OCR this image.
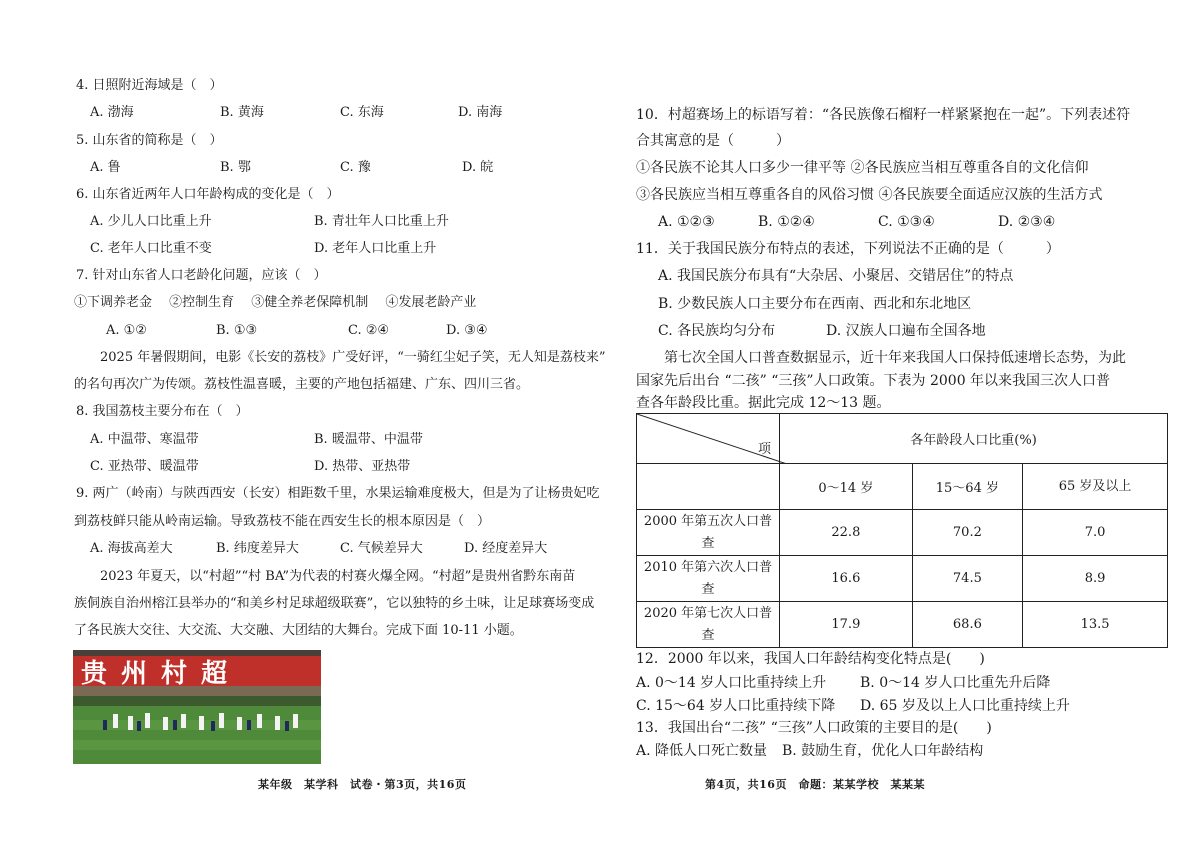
4. 日照附近海域是（　）
A. 渤海	B. 黄海	C. 东海	D. 南海
5. 山东省的简称是（　）
A. 鲁	B. 鄂	C. 豫	D. 皖
6. 山东省近两年人口年龄构成的变化是（　）
A. 少儿人口比重上升	B. 青壮年人口比重上升
C. 老年人口比重不变	D. 老年人口比重上升
7. 针对山东省人口老龄化问题，应该（　）
①下调养老金　 ②控制生育　 ③健全养老保障机制　 ④发展老龄产业
A. ①②	B. ①③	C. ②④	D. ③④
2025 年暑假期间，电影《长安的荔枝》广受好评，“一骑红尘妃子笑，无人知是荔枝来”
的名句再次广为传颂。荔枝性温喜暖，主要的产地包括福建、广东、四川三省。
8. 我国荔枝主要分布在（　）
A. 中温带、寒温带	B. 暖温带、中温带
C. 亚热带、暖温带	D. 热带、亚热带
9. 两广（岭南）与陕西西安（长安）相距数千里，水果运输难度极大，但是为了让杨贵妃吃
到荔枝鲜只能从岭南运输。导致荔枝不能在西安生长的根本原因是（　）
A. 海拔高差大	B. 纬度差异大	C. 气候差异大	D. 经度差异大
2023 年夏天，以“村超”“村 BA”为代表的村赛火爆全网。“村超”是贵州省黔东南苗
族侗族自治州榕江县举办的“和美乡村足球超级联赛”，它以独特的乡土味，让足球赛场变成
了各民族大交往、大交流、大交融、大团结的大舞台。完成下面 10-11 小题。
贵州村超
某年级　某学科　试卷・第3页，共16页
10．村超赛场上的标语写着：“各民族像石榴籽一样紧紧抱在一起”。下列表述符
合其寓意的是（　　　）
①各民族不论其人口多少一律平等 ②各民族应当相互尊重各自的文化信仰
③各民族应当相互尊重各自的风俗习惯 ④各民族要全面适应汉族的生活方式
A. ①②③	B. ①②④	C. ①③④	D. ②③④
11．关于我国民族分布特点的表述，下列说法不正确的是（　　　）
A. 我国民族分布具有“大杂居、小聚居、交错居住”的特点
B. 少数民族人口主要分布在西南、西北和东北地区
C. 各民族均匀分布	D. 汉族人口遍布全国各地
第七次全国人口普查数据显示，近十年来我国人口保持低速增长态势，为此
国家先后出台 “二孩” “三孩”人口政策。下表为 2000 年以来我国三次人口普
查各年龄段比重。据此完成 12～13 题。
项	各年龄段人口比重(%)		
	0～14 岁	15～64 岁	65 岁及以上
2000 年第五次人口普查	22.8	70.2	7.0
2010 年第六次人口普查	16.6	74.5	8.9
2020 年第七次人口普查	17.9	68.6	13.5
12．2000 年以来，我国人口年龄结构变化特点是(　　)
A. 0～14 岁人口比重持续上升 B. 0～14 岁人口比重先升后降
C. 15～64 岁人口比重持续下降 D. 65 岁及以上人口比重持续上升
13．我国出台“二孩” “三孩”人口政策的主要目的是(　　)
A. 降低人口死亡数量 B. 鼓励生育，优化人口年龄结构
第4页，共16页　命题：某某学校　某某某
